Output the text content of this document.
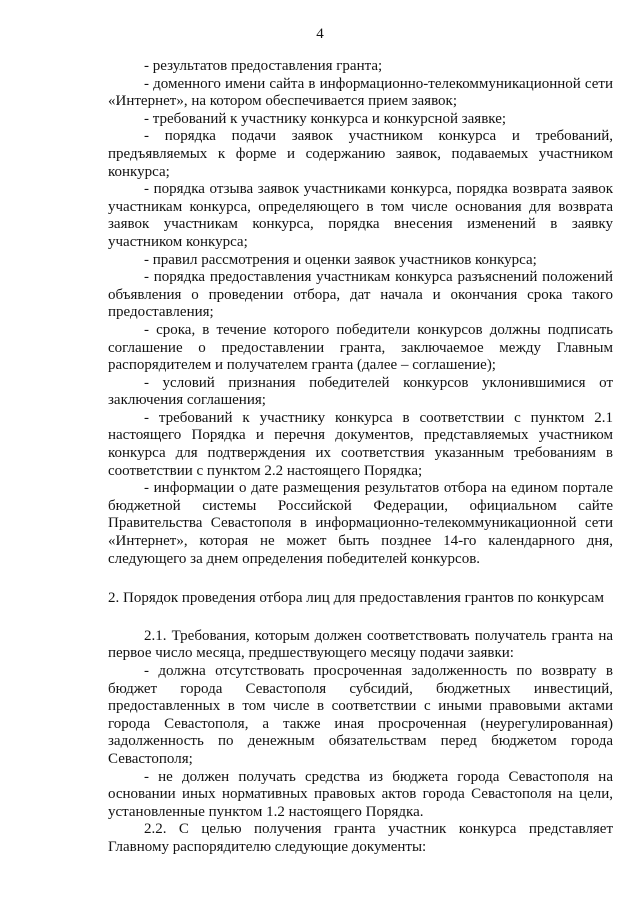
4

- результатов предоставления гранта;

- доменного имени сайта в информационно-телекоммуникационной сети «Интернет», на котором обеспечивается прием заявок;

- требований к участнику конкурса и конкурсной заявке;

- порядка подачи заявок участником конкурса и требований, предъявляемых к форме и содержанию заявок, подаваемых участником конкурса;

- порядка отзыва заявок участниками конкурса, порядка возврата заявок участникам конкурса, определяющего в том числе основания для возврата заявок участникам конкурса, порядка внесения изменений в заявку участником конкурса;

- правил рассмотрения и оценки заявок участников конкурса;

- порядка предоставления участникам конкурса разъяснений положений объявления о проведении отбора, дат начала и окончания срока такого предоставления;

- срока, в течение которого победители конкурсов должны подписать соглашение о предоставлении гранта, заключаемое между Главным распорядителем и получателем гранта (далее – соглашение);

- условий признания победителей конкурсов уклонившимися от заключения соглашения;

- требований к участнику конкурса в соответствии с пунктом 2.1 настоящего Порядка и перечня документов, представляемых участником конкурса для подтверждения их соответствия указанным требованиям в соответствии с пунктом 2.2 настоящего Порядка;

- информации о дате размещения результатов отбора на едином портале бюджетной системы Российской Федерации, официальном сайте Правительства Севастополя в информационно-телекоммуникационной сети «Интернет», которая не может быть позднее 14-го календарного дня, следующего за днем определения победителей конкурсов.

2. Порядок проведения отбора лиц для предоставления грантов по конкурсам

2.1. Требования, которым должен соответствовать получатель гранта на первое число месяца, предшествующего месяцу подачи заявки:

- должна отсутствовать просроченная задолженность по возврату в бюджет города Севастополя субсидий, бюджетных инвестиций, предоставленных в том числе в соответствии с иными правовыми актами города Севастополя, а также иная просроченная (неурегулированная) задолженность по денежным обязательствам перед бюджетом города Севастополя;

- не должен получать средства из бюджета города Севастополя на основании иных нормативных правовых актов города Севастополя на цели, установленные пунктом 1.2 настоящего Порядка.

2.2. С целью получения гранта участник конкурса представляет Главному распорядителю следующие документы:
